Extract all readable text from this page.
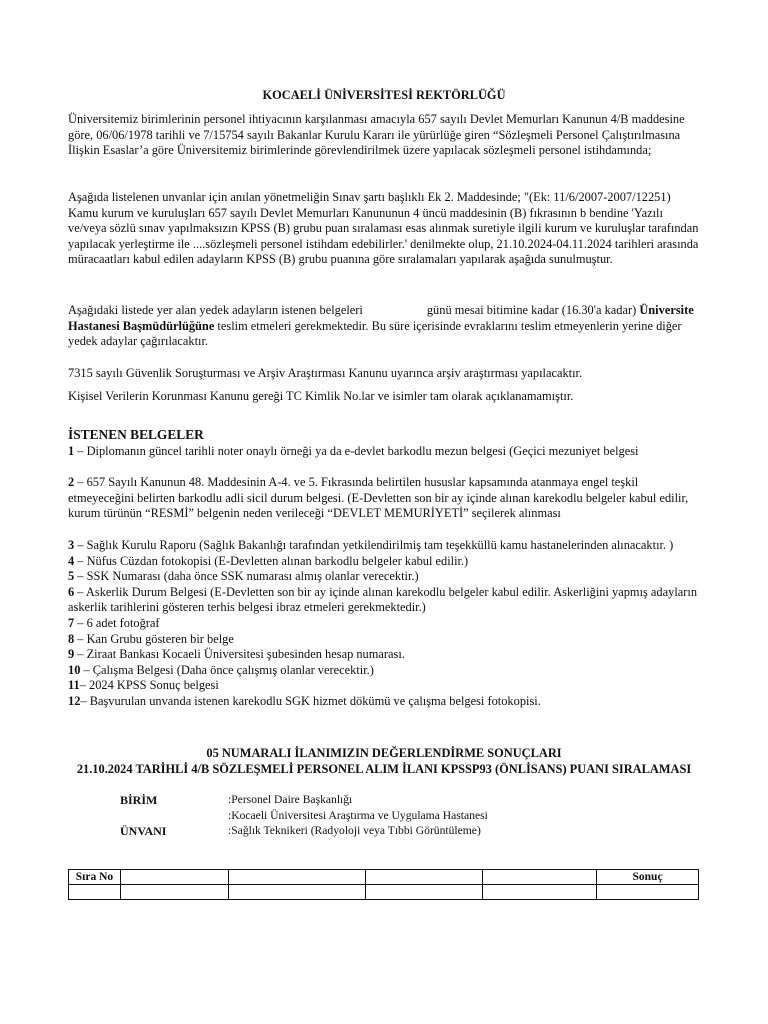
KOCAELİ ÜNİVERSİTESİ REKTÖRLÜĞÜ

Üniversitemiz birimlerinin personel ihtiyacının karşılanması amacıyla 657 sayılı Devlet Memurları Kanunun 4/B maddesine göre, 06/06/1978 tarihli ve 7/15754 sayılı Bakanlar Kurulu Kararı ile yürürlüğe giren “Sözleşmeli Personel Çalıştırılmasına İlişkin Esaslar’a göre Üniversitemiz birimlerinde görevlendirilmek üzere yapılacak sözleşmeli personel istihdamında;

Aşağıda listelenen unvanlar için anılan yönetmeliğin Sınav şartı başlıklı Ek 2. Maddesinde; "(Ek: 11/6/2007-2007/12251) Kamu kurum ve kuruluşları 657 sayılı Devlet Memurları Kanununun 4 üncü maddesinin (B) fıkrasının b bendine 'Yazılı ve/veya sözlü sınav yapılmaksızın KPSS (B) grubu puan sıralaması esas alınmak suretiyle ilgili kurum ve kuruluşlar tarafından yapılacak yerleştirme ile ....sözleşmeli personel istihdam edebilirler.' denilmekte olup, 21.10.2024-04.11.2024 tarihleri arasında müracaatları kabul edilen adayların KPSS (B) grubu puanına göre sıralamaları yapılarak aşağıda sunulmuştur.

Aşağıdaki listede yer alan yedek adayların istenen belgeleri	günü mesai bitimine kadar (16.30'a kadar) Üniversite Hastanesi Başmüdürlüğüne teslim etmeleri gerekmektedir. Bu süre içerisinde evraklarını teslim etmeyenlerin yerine diğer yedek adaylar çağırılacaktır.

7315 sayılı Güvenlik Soruşturması ve Arşiv Araştırması Kanunu uyarınca arşiv araştırması yapılacaktır.

Kişisel Verilerin Korunması Kanunu gereği TC Kimlik No.lar ve isimler tam olarak açıklanamamıştır.

İSTENEN BELGELER

1 – Diplomanın güncel tarihli noter onaylı örneği ya da e-devlet barkodlu mezun belgesi (Geçici mezuniyet belgesi

2 – 657 Sayılı Kanunun 48. Maddesinin A-4. ve 5. Fıkrasında belirtilen hususlar kapsamında atanmaya engel teşkil etmeyeceğini belirten barkodlu adli sicil durum belgesi. (E-Devletten son bir ay içinde alınan karekodlu belgeler kabul edilir, kurum türünün “RESMİ” belgenin neden verileceği “DEVLET MEMURİYETİ” seçilerek alınması

3 – Sağlık Kurulu Raporu (Sağlık Bakanlığı tarafından yetkilendirilmiş tam teşekküllü kamu hastanelerinden alınacaktır. )

4 – Nüfus Cüzdan fotokopisi (E-Devletten alınan barkodlu belgeler kabul edilir.)

5 – SSK Numarası (daha önce SSK numarası almış olanlar verecektir.)

6 – Askerlik Durum Belgesi (E-Devletten son bir ay içinde alınan karekodlu belgeler kabul edilir. Askerliğini yapmış adayların askerlik tarihlerini gösteren terhis belgesi ibraz etmeleri gerekmektedir.)

7 – 6 adet fotoğraf

8 – Kan Grubu gösteren bir belge

9 – Ziraat Bankası Kocaeli Üniversitesi şubesinden hesap numarası.

10 – Çalışma Belgesi (Daha önce çalışmış olanlar verecektir.)

11– 2024 KPSS Sonuç belgesi

12– Başvurulan unvanda istenen karekodlu SGK hizmet dökümü ve çalışma belgesi fotokopisi.

05 NUMARALI İLANIMIZIN DEĞERLENDİRME SONUÇLARI

21.10.2024 TARİHLİ 4/B SÖZLEŞMELİ PERSONEL ALIM İLANI KPSSP93 (ÖNLİSANS) PUANI SIRALAMASI

BİRİM	:Personel Daire Başkanlığı
:Kocaeli Üniversitesi Araştırma ve Uygulama Hastanesi
ÜNVANI	:Sağlık Teknikeri (Radyoloji veya Tıbbi Görüntüleme)
Sıra No					Sonuç
